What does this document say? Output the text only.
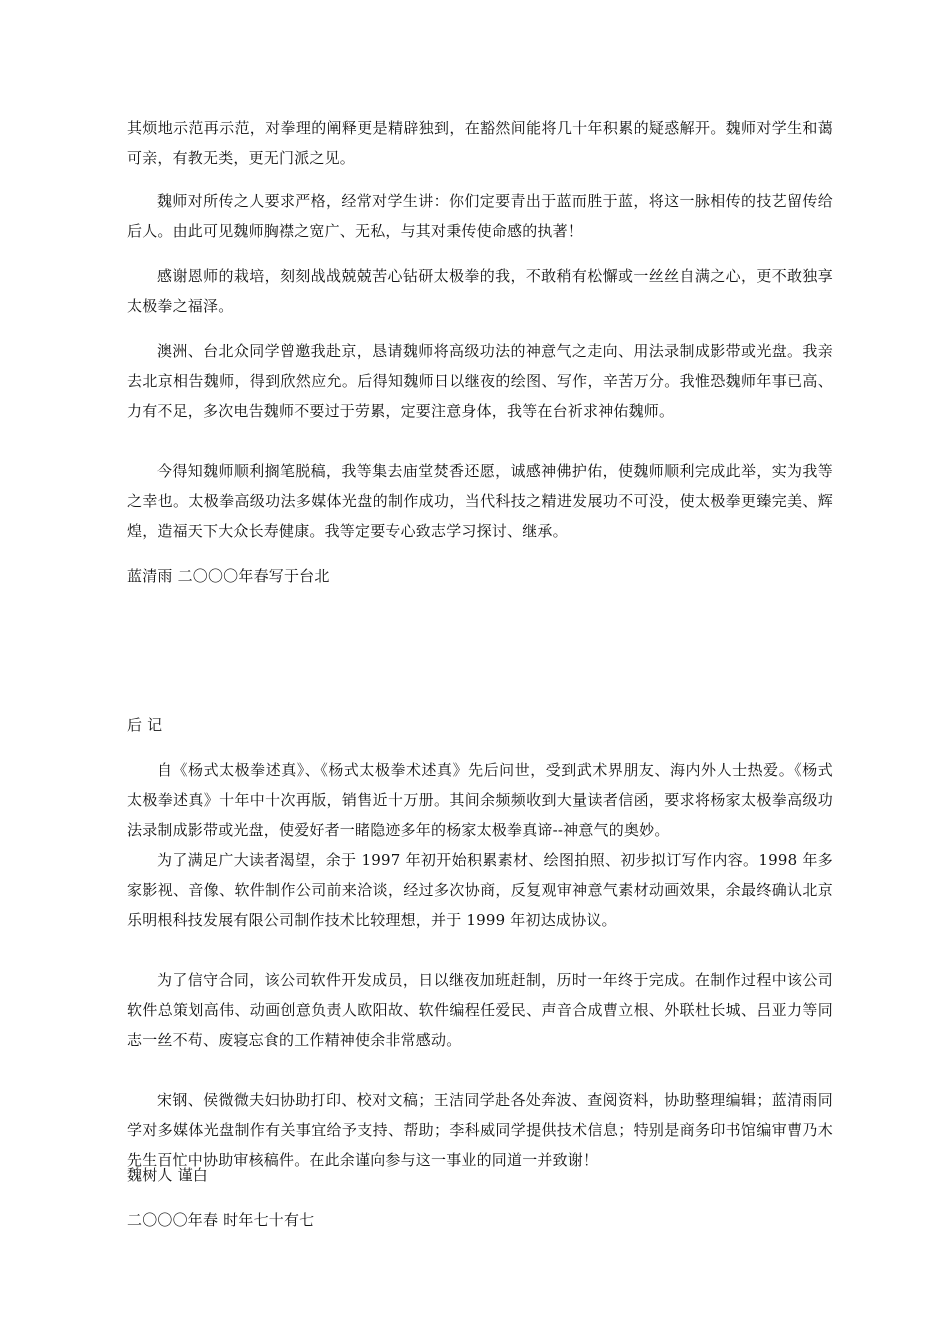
其烦地示范再示范，对拳理的阐释更是精辟独到，在豁然间能将几十年积累的疑惑解开。魏师对学生和蔼可亲，有教无类，更无门派之见。
魏师对所传之人要求严格，经常对学生讲：你们定要青出于蓝而胜于蓝，将这一脉相传的技艺留传给后人。由此可见魏师胸襟之宽广、无私，与其对秉传使命感的执著！
感谢恩师的栽培，刻刻战战兢兢苦心钻研太极拳的我，不敢稍有松懈或一丝丝自满之心，更不敢独享太极拳之福泽。
澳洲、台北众同学曾邀我赴京，恳请魏师将高级功法的神意气之走向、用法录制成影带或光盘。我亲去北京相告魏师，得到欣然应允。后得知魏师日以继夜的绘图、写作，辛苦万分。我惟恐魏师年事已高、力有不足，多次电告魏师不要过于劳累，定要注意身体，我等在台祈求神佑魏师。
今得知魏师顺利搁笔脱稿，我等集去庙堂焚香还愿，诚感神佛护佑，使魏师顺利完成此举，实为我等之幸也。太极拳高级功法多媒体光盘的制作成功，当代科技之精进发展功不可没，使太极拳更臻完美、辉煌，造福天下大众长寿健康。我等定要专心致志学习探讨、继承。
蓝清雨 二〇〇〇年春写于台北
后 记
自《杨式太极拳述真》、《杨式太极拳术述真》先后问世，受到武术界朋友、海内外人士热爱。《杨式太极拳述真》十年中十次再版，销售近十万册。其间余频频收到大量读者信函，要求将杨家太极拳高级功法录制成影带或光盘，使爱好者一睹隐迹多年的杨家太极拳真谛--神意气的奥妙。
为了满足广大读者渴望，余于 1997 年初开始积累素材、绘图拍照、初步拟订写作内容。1998 年多家影视、音像、软件制作公司前来洽谈，经过多次协商，反复观审神意气素材动画效果，余最终确认北京乐明根科技发展有限公司制作技术比较理想，并于 1999 年初达成协议。
为了信守合同，该公司软件开发成员，日以继夜加班赶制，历时一年终于完成。在制作过程中该公司软件总策划高伟、动画创意负责人欧阳故、软件编程任爱民、声音合成曹立根、外联杜长城、吕亚力等同志一丝不苟、废寝忘食的工作精神使余非常感动。
宋钢、侯微微夫妇协助打印、校对文稿；王洁同学赴各处奔波、查阅资料，协助整理编辑；蓝清雨同学对多媒体光盘制作有关事宜给予支持、帮助；李科威同学提供技术信息；特别是商务印书馆编审曹乃木先生百忙中协助审核稿件。在此余谨向参与这一事业的同道一并致谢！
魏树人 谨白
二〇〇〇年春 时年七十有七
